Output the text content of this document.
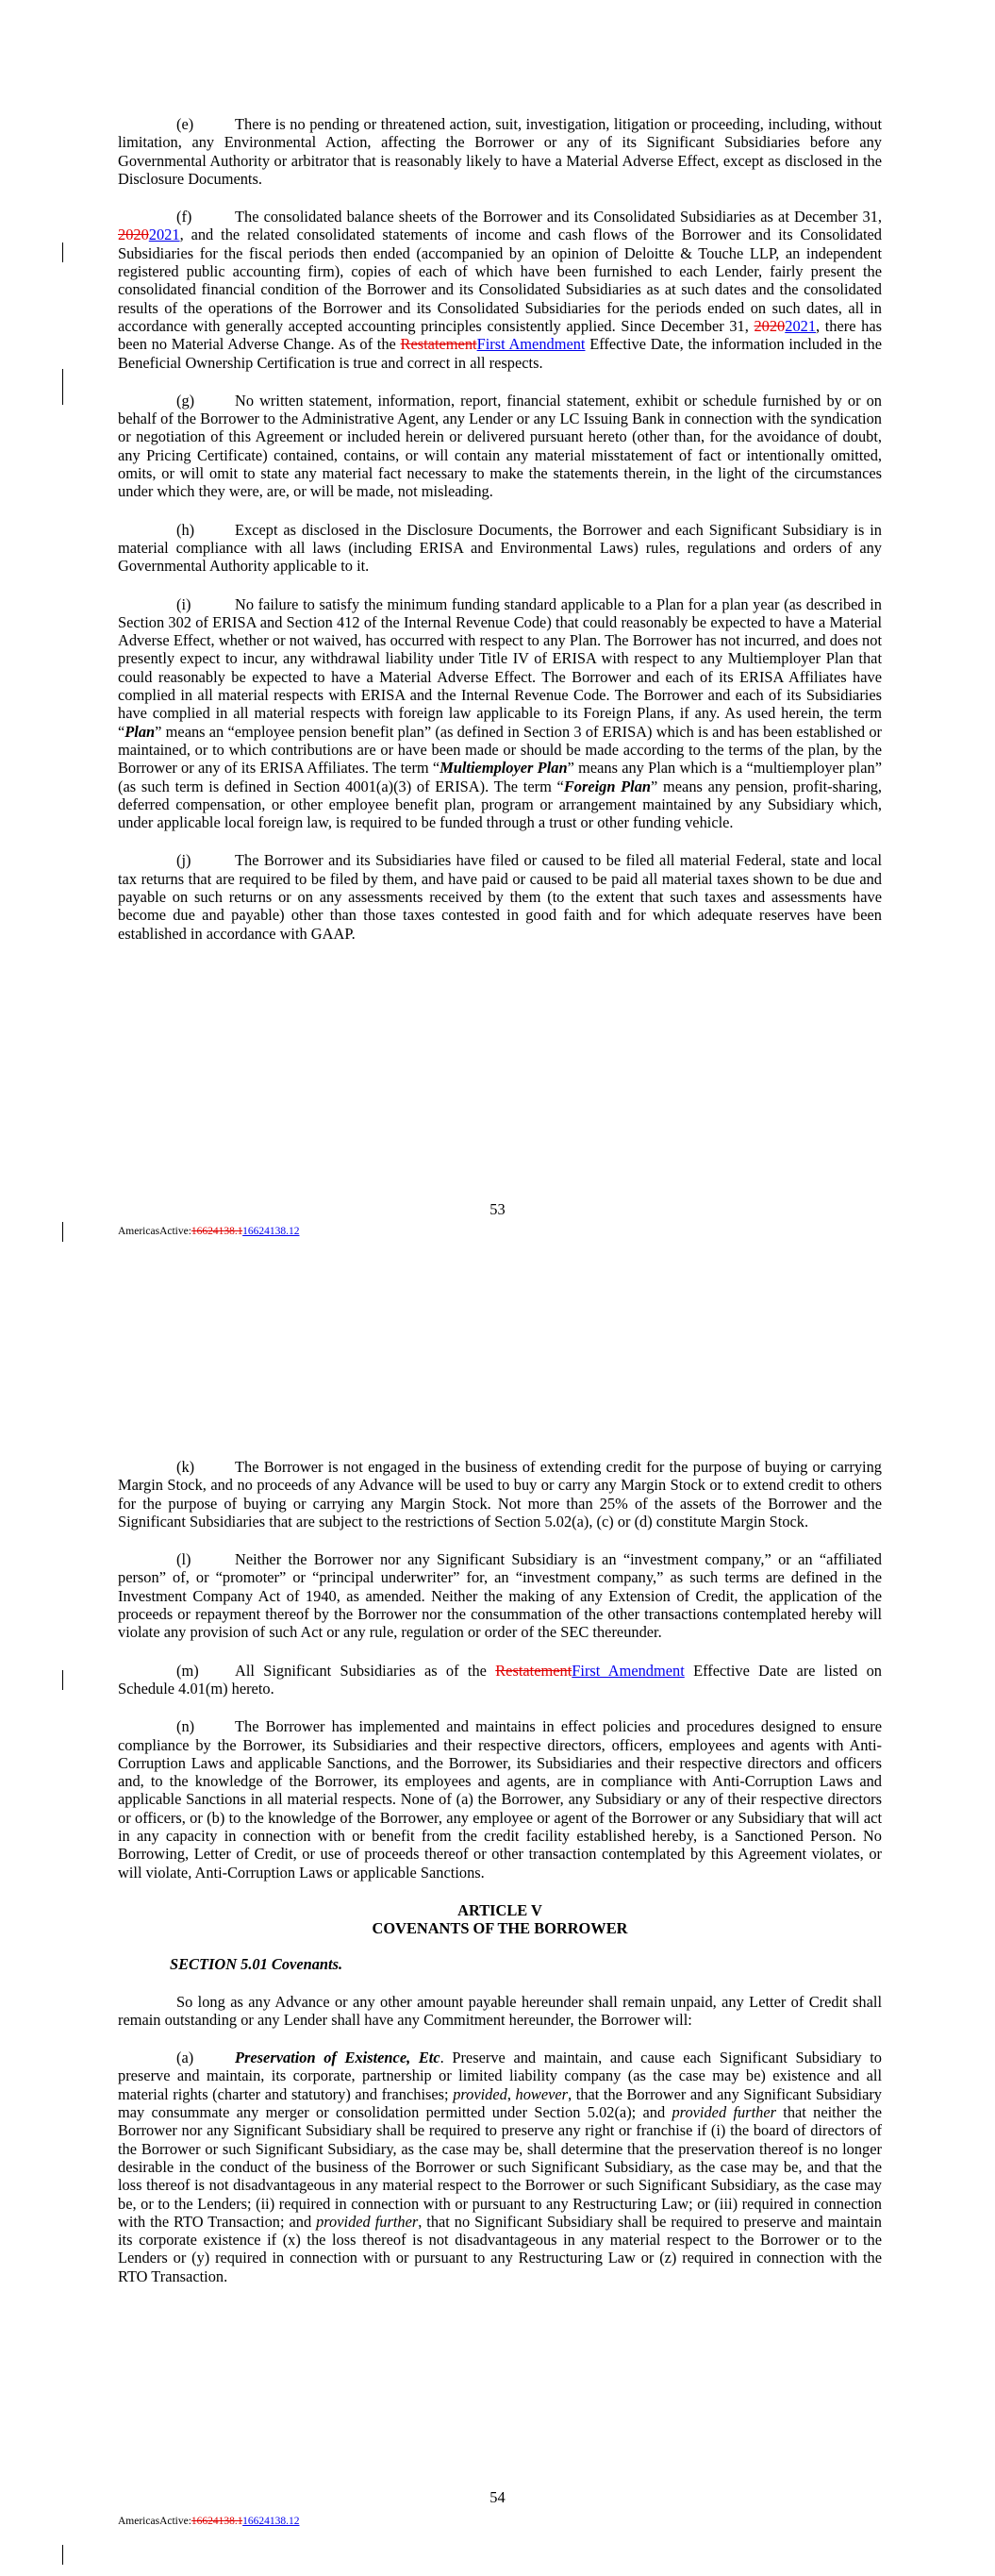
(e)	There is no pending or threatened action, suit, investigation, litigation or proceeding, including, without limitation, any Environmental Action, affecting the Borrower or any of its Significant Subsidiaries before any Governmental Authority or arbitrator that is reasonably likely to have a Material Adverse Effect, except as disclosed in the Disclosure Documents.

(f)	The consolidated balance sheets of the Borrower and its Consolidated Subsidiaries as at December 31, 20202021, and the related consolidated statements of income and cash flows of the Borrower and its Consolidated Subsidiaries for the fiscal periods then ended (accompanied by an opinion of Deloitte & Touche LLP, an independent registered public accounting firm), copies of each of which have been furnished to each Lender, fairly present the consolidated financial condition of the Borrower and its Consolidated Subsidiaries as at such dates and the consolidated results of the operations of the Borrower and its Consolidated Subsidiaries for the periods ended on such dates, all in accordance with generally accepted accounting principles consistently applied. Since December 31, 20202021, there has been no Material Adverse Change. As of the RestatementFirst Amendment Effective Date, the information included in the Beneficial Ownership Certification is true and correct in all respects.

(g)	No written statement, information, report, financial statement, exhibit or schedule furnished by or on behalf of the Borrower to the Administrative Agent, any Lender or any LC Issuing Bank in connection with the syndication or negotiation of this Agreement or included herein or delivered pursuant hereto (other than, for the avoidance of doubt, any Pricing Certificate) contained, contains, or will contain any material misstatement of fact or intentionally omitted, omits, or will omit to state any material fact necessary to make the statements therein, in the light of the circumstances under which they were, are, or will be made, not misleading.

(h)	Except as disclosed in the Disclosure Documents, the Borrower and each Significant Subsidiary is in material compliance with all laws (including ERISA and Environmental Laws) rules, regulations and orders of any Governmental Authority applicable to it.

(i)	No failure to satisfy the minimum funding standard applicable to a Plan for a plan year (as described in Section 302 of ERISA and Section 412 of the Internal Revenue Code) that could reasonably be expected to have a Material Adverse Effect, whether or not waived, has occurred with respect to any Plan. The Borrower has not incurred, and does not presently expect to incur, any withdrawal liability under Title IV of ERISA with respect to any Multiemployer Plan that could reasonably be expected to have a Material Adverse Effect. The Borrower and each of its ERISA Affiliates have complied in all material respects with ERISA and the Internal Revenue Code. The Borrower and each of its Subsidiaries have complied in all material respects with foreign law applicable to its Foreign Plans, if any. As used herein, the term “Plan” means an “employee pension benefit plan” (as defined in Section 3 of ERISA) which is and has been established or maintained, or to which contributions are or have been made or should be made according to the terms of the plan, by the Borrower or any of its ERISA Affiliates. The term “Multiemployer Plan” means any Plan which is a “multiemployer plan” (as such term is defined in Section 4001(a)(3) of ERISA). The term “Foreign Plan” means any pension, profit-sharing, deferred compensation, or other employee benefit plan, program or arrangement maintained by any Subsidiary which, under applicable local foreign law, is required to be funded through a trust or other funding vehicle.

(j)	The Borrower and its Subsidiaries have filed or caused to be filed all material Federal, state and local tax returns that are required to be filed by them, and have paid or caused to be paid all material taxes shown to be due and payable on such returns or on any assessments received by them (to the extent that such taxes and assessments have become due and payable) other than those taxes contested in good faith and for which adequate reserves have been established in accordance with GAAP.

53
AmericasActive:16624138.116624138.12

(k)	The Borrower is not engaged in the business of extending credit for the purpose of buying or carrying Margin Stock, and no proceeds of any Advance will be used to buy or carry any Margin Stock or to extend credit to others for the purpose of buying or carrying any Margin Stock. Not more than 25% of the assets of the Borrower and the Significant Subsidiaries that are subject to the restrictions of Section 5.02(a), (c) or (d) constitute Margin Stock.

(l)	Neither the Borrower nor any Significant Subsidiary is an “investment company,” or an “affiliated person” of, or “promoter” or “principal underwriter” for, an “investment company,” as such terms are defined in the Investment Company Act of 1940, as amended. Neither the making of any Extension of Credit, the application of the proceeds or repayment thereof by the Borrower nor the consummation of the other transactions contemplated hereby will violate any provision of such Act or any rule, regulation or order of the SEC thereunder.

(m) All Significant Subsidiaries as of the RestatementFirst Amendment Effective Date are listed on Schedule 4.01(m) hereto.

(n)	The Borrower has implemented and maintains in effect policies and procedures designed to ensure compliance by the Borrower, its Subsidiaries and their respective directors, officers, employees and agents with Anti-Corruption Laws and applicable Sanctions, and the Borrower, its Subsidiaries and their respective directors and officers and, to the knowledge of the Borrower, its employees and agents, are in compliance with Anti-Corruption Laws and applicable Sanctions in all material respects. None of (a) the Borrower, any Subsidiary or any of their respective directors or officers, or (b) to the knowledge of the Borrower, any employee or agent of the Borrower or any Subsidiary that will act in any capacity in connection with or benefit from the credit facility established hereby, is a Sanctioned Person. No Borrowing, Letter of Credit, or use of proceeds thereof or other transaction contemplated by this Agreement violates, or will violate, Anti-Corruption Laws or applicable Sanctions.

ARTICLE V
COVENANTS OF THE BORROWER
SECTION 5.01 Covenants.

So long as any Advance or any other amount payable hereunder shall remain unpaid, any Letter of Credit shall remain outstanding or any Lender shall have any Commitment hereunder, the Borrower will:

(a)	Preservation of Existence, Etc. Preserve and maintain, and cause each Significant Subsidiary to preserve and maintain, its corporate, partnership or limited liability company (as the case may be) existence and all material rights (charter and statutory) and franchises; provided, however, that the Borrower and any Significant Subsidiary may consummate any merger or consolidation permitted under Section 5.02(a); and provided further that neither the Borrower nor any Significant Subsidiary shall be required to preserve any right or franchise if (i) the board of directors of the Borrower or such Significant Subsidiary, as the case may be, shall determine that the preservation thereof is no longer desirable in the conduct of the business of the Borrower or such Significant Subsidiary, as the case may be, and that the loss thereof is not disadvantageous in any material respect to the Borrower or such Significant Subsidiary, as the case may be, or to the Lenders; (ii) required in connection with or pursuant to any Restructuring Law; or (iii) required in connection with the RTO Transaction; and provided further, that no Significant Subsidiary shall be required to preserve and maintain its corporate existence if (x) the loss thereof is not disadvantageous in any material respect to the Borrower or to the Lenders or (y) required in connection with or pursuant to any Restructuring Law or (z) required in connection with the RTO Transaction.

54
AmericasActive:16624138.116624138.12
